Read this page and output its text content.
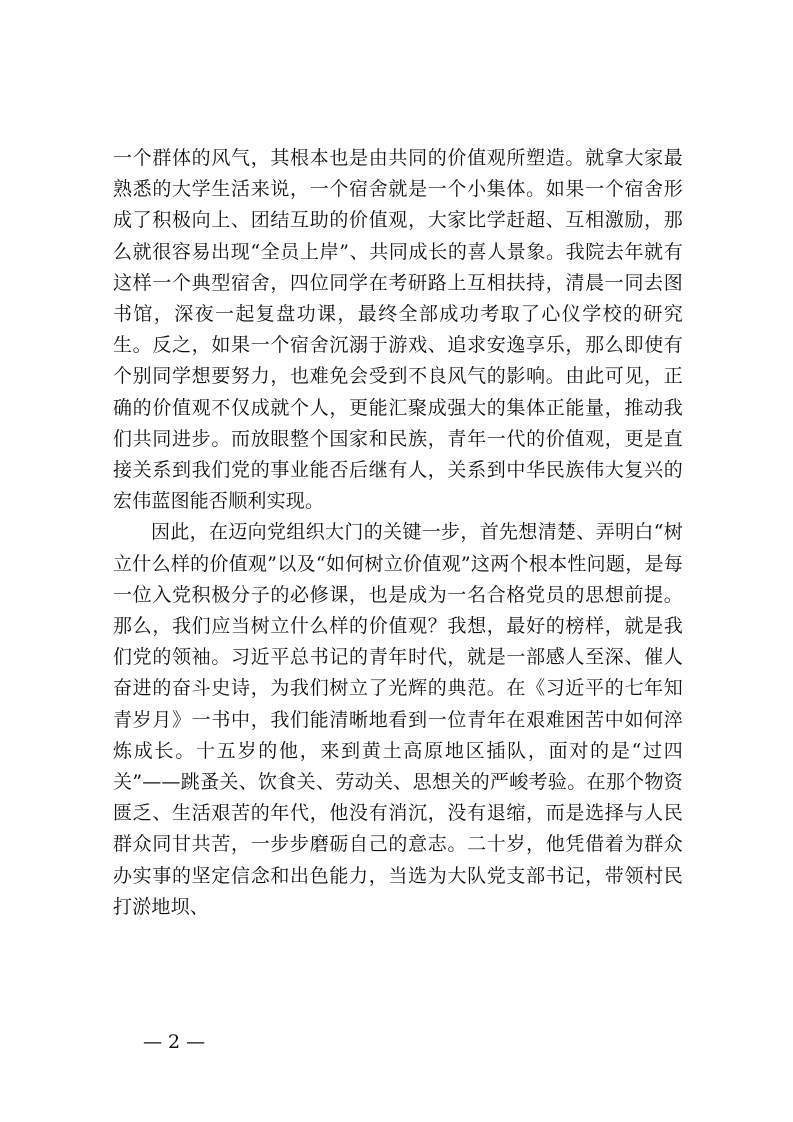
一个群体的风气，其根本也是由共同的价值观所塑造。就拿大家最熟悉的大学生活来说，一个宿舍就是一个小集体。如果一个宿舍形成了积极向上、团结互助的价值观，大家比学赶超、互相激励，那么就很容易出现“全员上岸”、共同成长的喜人景象。我院去年就有这样一个典型宿舍，四位同学在考研路上互相扶持，清晨一同去图书馆，深夜一起复盘功课，最终全部成功考取了心仪学校的研究生。反之，如果一个宿舍沉溺于游戏、追求安逸享乐，那么即使有个别同学想要努力，也难免会受到不良风气的影响。由此可见，正确的价值观不仅成就个人，更能汇聚成强大的集体正能量，推动我们共同进步。而放眼整个国家和民族，青年一代的价值观，更是直接关系到我们党的事业能否后继有人，关系到中华民族伟大复兴的宏伟蓝图能否顺利实现。

因此，在迈向党组织大门的关键一步，首先想清楚、弄明白“树立什么样的价值观”以及“如何树立价值观”这两个根本性问题，是每一位入党积极分子的必修课，也是成为一名合格党员的思想前提。那么，我们应当树立什么样的价值观？我想，最好的榜样，就是我们党的领袖。习近平总书记的青年时代，就是一部感人至深、催人奋进的奋斗史诗，为我们树立了光辉的典范。在《习近平的七年知青岁月》一书中，我们能清晰地看到一位青年在艰难困苦中如何淬炼成长。十五岁的他，来到黄土高原地区插队，面对的是“过四关”——跳蚤关、饮食关、劳动关、思想关的严峻考验。在那个物资匮乏、生活艰苦的年代，他没有消沉，没有退缩，而是选择与人民群众同甘共苦，一步步磨砺自己的意志。二十岁，他凭借着为群众办实事的坚定信念和出色能力，当选为大队党支部书记，带领村民打淤地坝、

— 2 —
